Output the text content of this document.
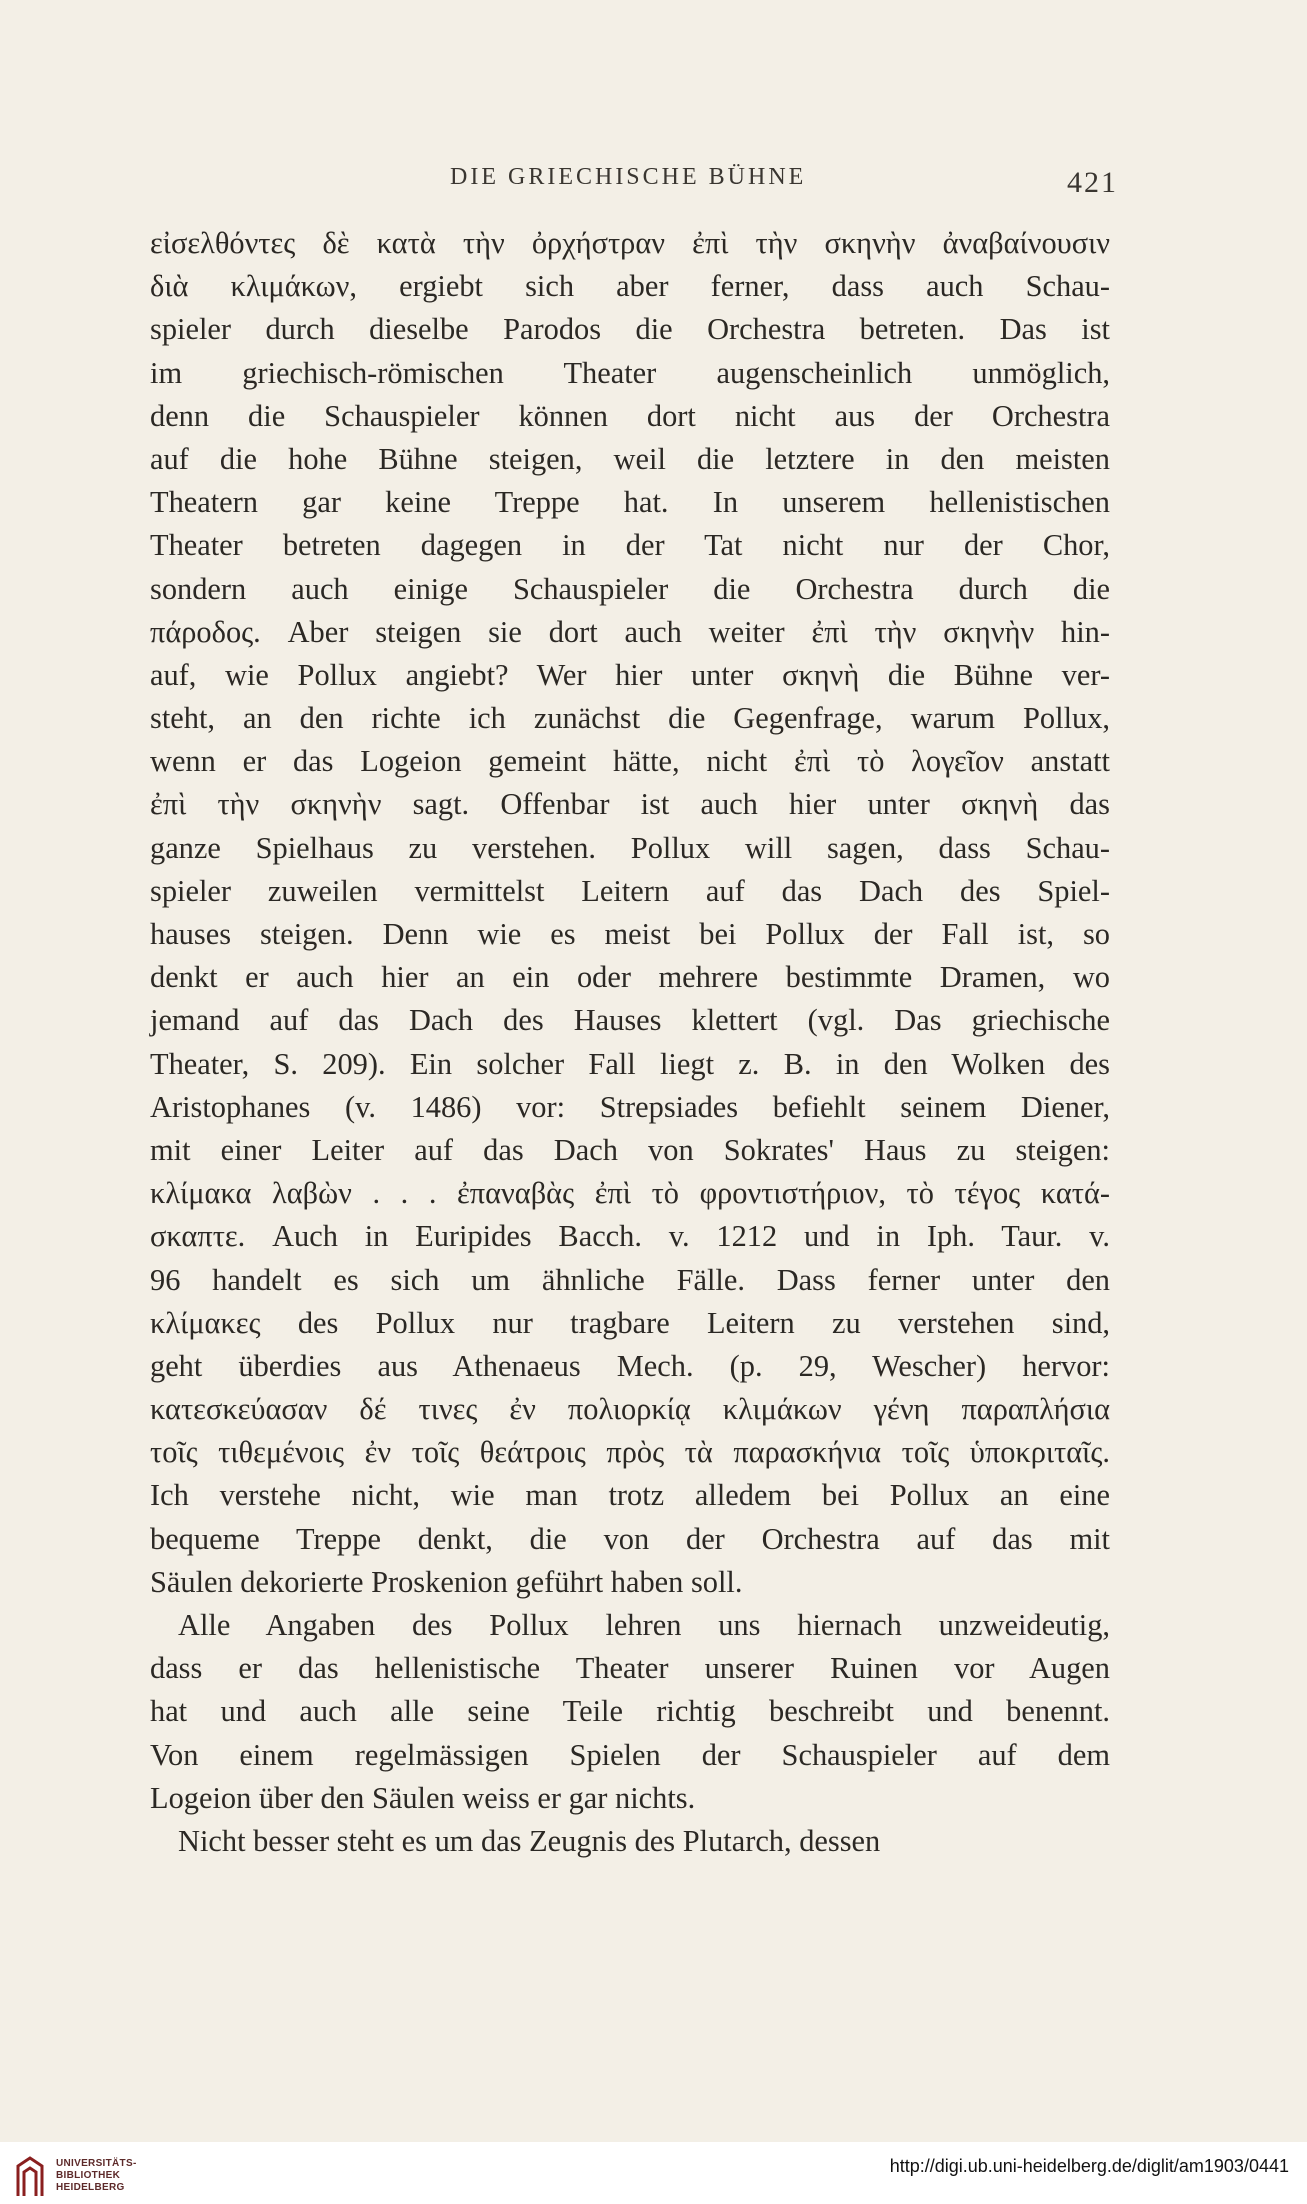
DIE GRIECHISCHE BÜHNE	421
εἰσελθόντες δὲ κατὰ τὴν ὀρχήστραν ἐπὶ τὴν σκηνὴν ἀναβαίνουσιν
διὰ κλιμάκων, ergiebt sich aber ferner, dass auch Schau-
spieler durch dieselbe Parodos die Orchestra betreten. Das ist
im griechisch-römischen Theater augenscheinlich unmöglich,
denn die Schauspieler können dort nicht aus der Orchestra
auf die hohe Bühne steigen, weil die letztere in den meisten
Theatern gar keine Treppe hat. In unserem hellenistischen
Theater betreten dagegen in der Tat nicht nur der Chor,
sondern auch einige Schauspieler die Orchestra durch die
πάροδος. Aber steigen sie dort auch weiter ἐπὶ τὴν σκηνὴν hin-
auf, wie Pollux angiebt? Wer hier unter σκηνὴ die Bühne ver-
steht, an den richte ich zunächst die Gegenfrage, warum Pollux,
wenn er das Logeion gemeint hätte, nicht ἐπὶ τὸ λογεῖον anstatt
ἐπὶ τὴν σκηνὴν sagt. Offenbar ist auch hier unter σκηνὴ das
ganze Spielhaus zu verstehen. Pollux will sagen, dass Schau-
spieler zuweilen vermittelst Leitern auf das Dach des Spiel-
hauses steigen. Denn wie es meist bei Pollux der Fall ist, so
denkt er auch hier an ein oder mehrere bestimmte Dramen, wo
jemand auf das Dach des Hauses klettert (vgl. Das griechische
Theater, S. 209). Ein solcher Fall liegt z. B. in den Wolken des
Aristophanes (v. 1486) vor: Strepsiades befiehlt seinem Diener,
mit einer Leiter auf das Dach von Sokrates' Haus zu steigen:
κλίμακα λαβὼν . . . ἐπαναβὰς ἐπὶ τὸ φροντιστήριον, τὸ τέγος κατά-
σκαπτε. Auch in Euripides Bacch. v. 1212 und in Iph. Taur. v.
96 handelt es sich um ähnliche Fälle. Dass ferner unter den
κλίμακες des Pollux nur tragbare Leitern zu verstehen sind,
geht überdies aus Athenaeus Mech. (p. 29, Wescher) hervor:
κατεσκεύασαν δέ τινες ἐν πολιορκίᾳ κλιμάκων γένη παραπλήσια
τοῖς τιθεμένοις ἐν τοῖς θεάτροις πρὸς τὰ παρασκήνια τοῖς ὑποκριταῖς.
Ich verstehe nicht, wie man trotz alledem bei Pollux an eine
bequeme Treppe denkt, die von der Orchestra auf das mit
Säulen dekorierte Proskenion geführt haben soll.
Alle Angaben des Pollux lehren uns hiernach unzweideutig,
dass er das hellenistische Theater unserer Ruinen vor Augen
hat und auch alle seine Teile richtig beschreibt und benennt.
Von einem regelmässigen Spielen der Schauspieler auf dem
Logeion über den Säulen weiss er gar nichts.
Nicht besser steht es um das Zeugnis des Plutarch, dessen
UNIVERSITÄTS-
BIBLIOTHEK
HEIDELBERG
http://digi.ub.uni-heidelberg.de/diglit/am1903/0441
